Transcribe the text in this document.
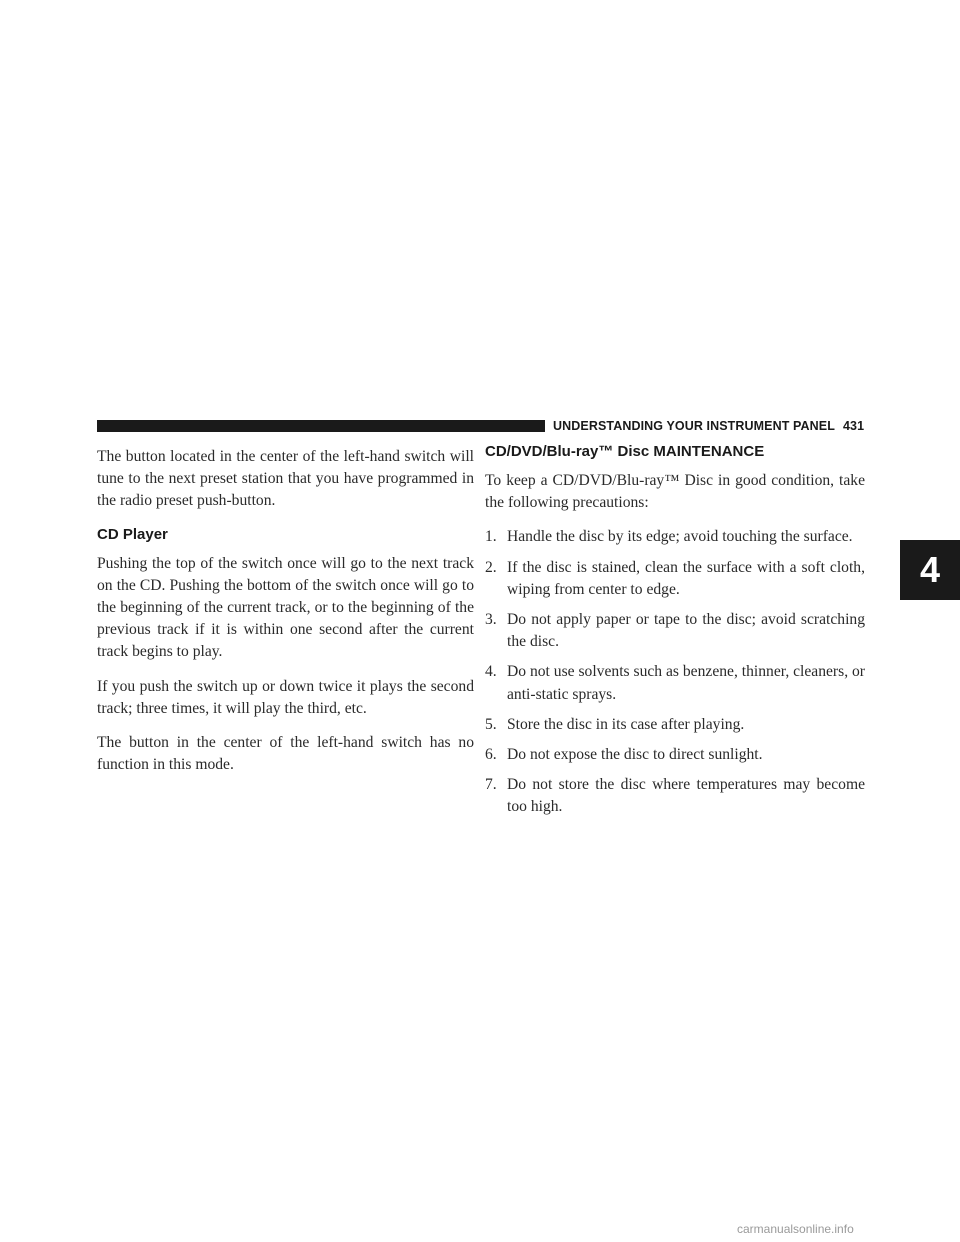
UNDERSTANDING YOUR INSTRUMENT PANEL 431

The button located in the center of the left-hand switch will tune to the next preset station that you have programmed in the radio preset push-button.

CD Player

Pushing the top of the switch once will go to the next track on the CD. Pushing the bottom of the switch once will go to the beginning of the current track, or to the beginning of the previous track if it is within one second after the current track begins to play.

If you push the switch up or down twice it plays the second track; three times, it will play the third, etc.

The button in the center of the left-hand switch has no function in this mode.

CD/DVD/Blu-ray™ Disc MAINTENANCE

To keep a CD/DVD/Blu-ray™ Disc in good condition, take the following precautions:

1. Handle the disc by its edge; avoid touching the surface.
2. If the disc is stained, clean the surface with a soft cloth, wiping from center to edge.
3. Do not apply paper or tape to the disc; avoid scratching the disc.
4. Do not use solvents such as benzene, thinner, cleaners, or anti-static sprays.
5. Store the disc in its case after playing.
6. Do not expose the disc to direct sunlight.
7. Do not store the disc where temperatures may become too high.
4
carmanualsonline.info
